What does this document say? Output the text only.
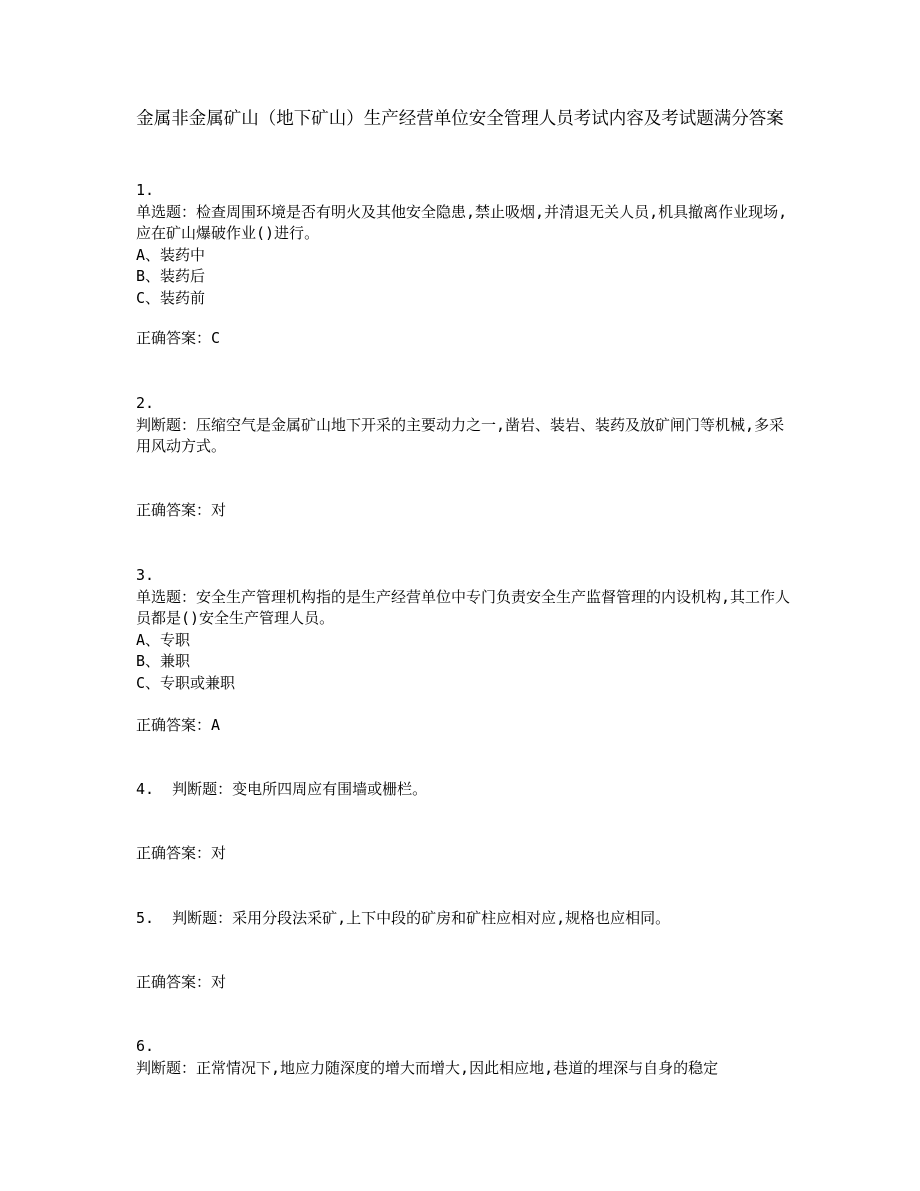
金属非金属矿山（地下矿山）生产经营单位安全管理人员考试内容及考试题满分答案
1.
单选题：检查周围环境是否有明火及其他安全隐患,禁止吸烟,并清退无关人员,机具撤离作业现场,应在矿山爆破作业()进行。
A、装药中
B、装药后
C、装药前
正确答案：C
2.
判断题：压缩空气是金属矿山地下开采的主要动力之一,凿岩、装岩、装药及放矿闸门等机械,多采用风动方式。
正确答案：对
3.
单选题：安全生产管理机构指的是生产经营单位中专门负责安全生产监督管理的内设机构,其工作人员都是()安全生产管理人员。
A、专职
B、兼职
C、专职或兼职
正确答案：A
4. 判断题：变电所四周应有围墙或栅栏。
正确答案：对
5. 判断题：采用分段法采矿,上下中段的矿房和矿柱应相对应,规格也应相同。
正确答案：对
6.
判断题：正常情况下,地应力随深度的增大而增大,因此相应地,巷道的埋深与自身的稳定
